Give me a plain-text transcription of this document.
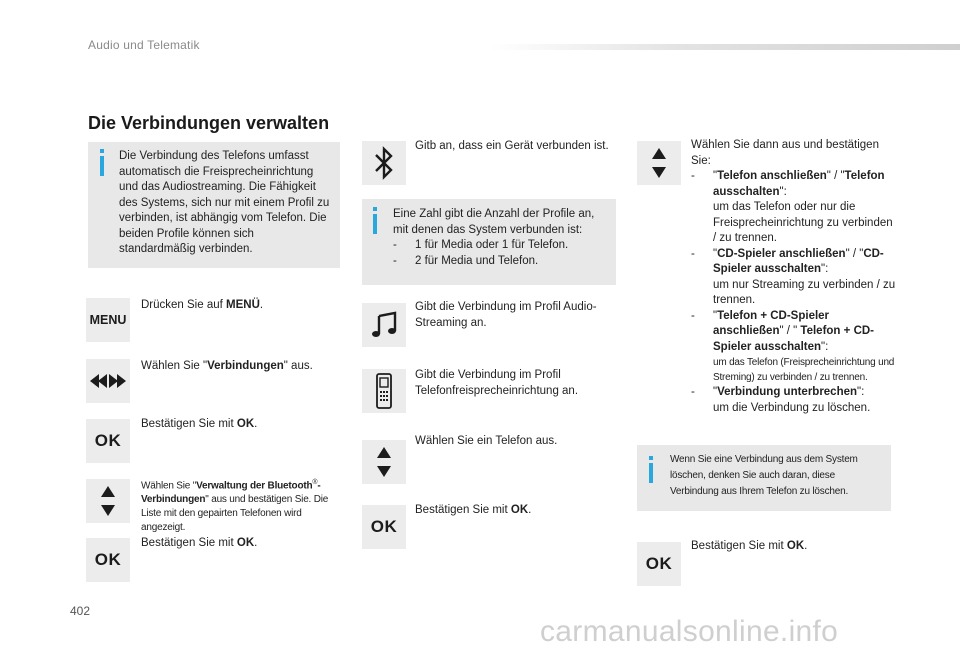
Audio und Telematik
Die Verbindungen verwalten
Die Verbindung des Telefons umfasst automatisch die Freisprecheinrichtung und das Audiostreaming. Die Fähigkeit des Systems, sich nur mit einem Profil zu verbinden, ist abhängig vom Telefon. Die beiden Profile können sich standardmäßig verbinden.
MENU
Drücken Sie auf MENÜ.
Wählen Sie "Verbindungen" aus.
OK
Bestätigen Sie mit OK.
Wählen Sie "Verwaltung der Bluetooth®-Verbindungen" aus und bestätigen Sie. Die Liste mit den gepairten Telefonen wird angezeigt.
OK
Bestätigen Sie mit OK.
Gitb an, dass ein Gerät verbunden ist.
Eine Zahl gibt die Anzahl der Profile an, mit denen das System verbunden ist:
- 1 für Media oder 1 für Telefon.
- 2 für Media und Telefon.
Gibt die Verbindung im Profil Audio-Streaming an.
Gibt die Verbindung im Profil Telefonfreisprecheinrichtung an.
Wählen Sie ein Telefon aus.
OK
Bestätigen Sie mit OK.
Wählen Sie dann aus und bestätigen Sie:
- "Telefon anschließen" / "Telefon ausschalten":
um das Telefon oder nur die Freisprecheinrichtung zu verbinden / zu trennen.
- "CD-Spieler anschließen" / "CD-Spieler ausschalten":
um nur Streaming zu verbinden / zu trennen.
- "Telefon + CD-Spieler anschließen" / " Telefon + CD-Spieler ausschalten":
um das Telefon (Freisprecheinrichtung und Streming) zu verbinden / zu trennen.
- "Verbindung unterbrechen":
um die Verbindung zu löschen.
Wenn Sie eine Verbindung aus dem System löschen, denken Sie auch daran, diese Verbindung aus Ihrem Telefon zu löschen.
OK
Bestätigen Sie mit OK.
402
carmanualsonline.info
